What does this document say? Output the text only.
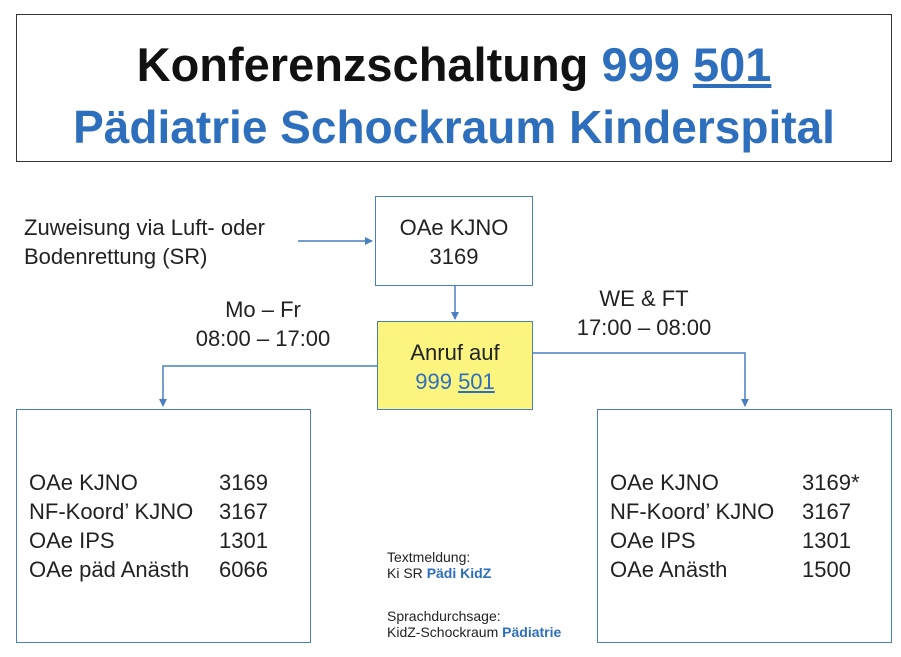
Konferenzschaltung 999 501
Pädiatrie Schockraum Kinderspital
Zuweisung via Luft- oder
Bodenrettung (SR)
OAe KJNO
3169
Mo – Fr
08:00 – 17:00
WE & FT
17:00 – 08:00
Anruf auf
999 501
OAe KJNO	3169
NF-Koord’ KJNO 3167
OAe IPS	1301
OAe päd Anästh 6066
OAe KJNO	3169*
NF-Koord’ KJNO 3167
OAe IPS	1301
OAe Anästh	1500
Textmeldung:
Ki SR Pädi KidZ
Sprachdurchsage:
KidZ-Schockraum Pädiatrie
